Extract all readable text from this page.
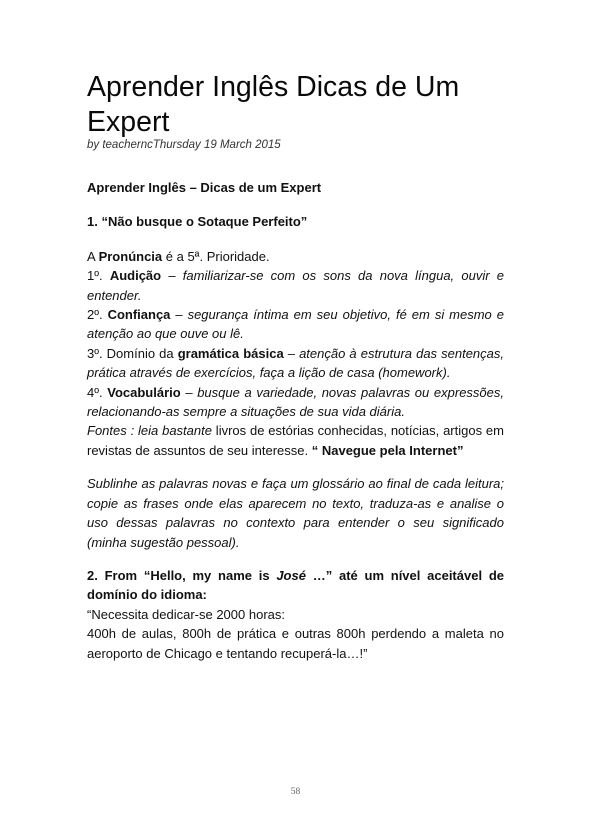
Aprender Inglês Dicas de Um Expert
by teacherncThursday 19 March 2015

Aprender Inglês – Dicas de um Expert

1. “Não busque o Sotaque Perfeito”

A Pronúncia é a 5ª. Prioridade.

1º. Audição – familiarizar-se com os sons da nova língua, ouvir e entender.

2º. Confiança – segurança íntima em seu objetivo, fé em si mesmo e atenção ao que ouve ou lê.

3º. Domínio da gramática básica – atenção à estrutura das sentenças, prática através de exercícios, faça a lição de casa (homework).

4º. Vocabulário – busque a variedade, novas palavras ou expressões, relacionando-as sempre a situações de sua vida diária.

Fontes : leia bastante livros de estórias conhecidas, notícias, artigos em revistas de assuntos de seu interesse. “ Navegue pela Internet”

Sublinhe as palavras novas e faça um glossário ao final de cada leitura; copie as frases onde elas aparecem no texto, traduza-as e analise o uso dessas palavras no contexto para entender o seu significado (minha sugestão pessoal).

2. From “Hello, my name is José …” até um nível aceitável de domínio do idioma:

“Necessita dedicar-se 2000 horas:

400h de aulas, 800h de prática e outras 800h perdendo a maleta no aeroporto de Chicago e tentando recuperá-la…!”

58
